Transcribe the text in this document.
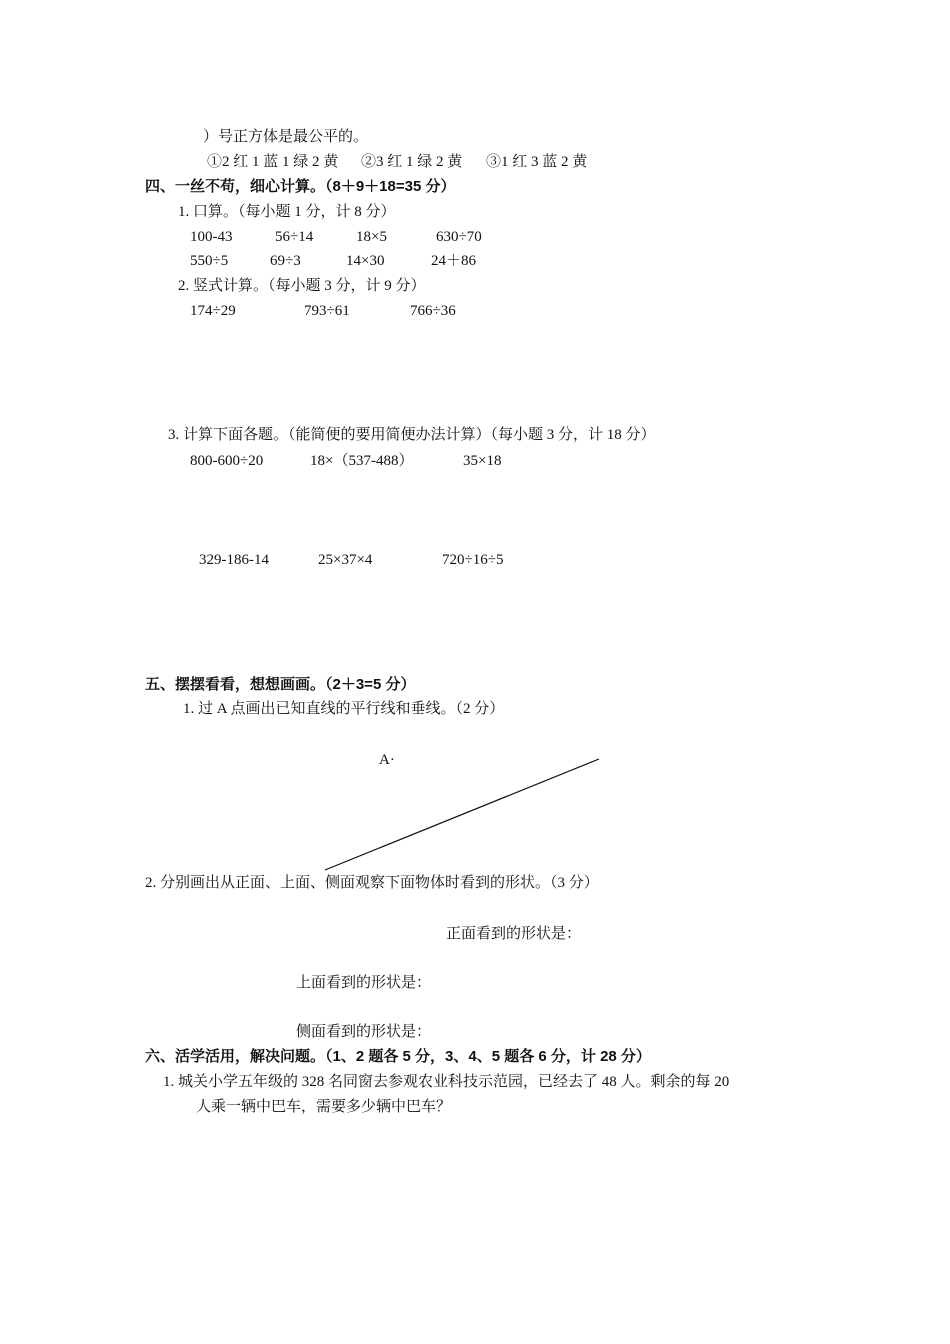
）号正方体是最公平的。
①2 红 1 蓝 1 绿 2 黄 ②3 红 1 绿 2 黄 ③1 红 3 蓝 2 黄
四、一丝不苟，细心计算。（8＋9＋18=35 分）
1. 口算。（每小题 1 分，计 8 分）
100-43	56÷14	18×5	630÷70
550÷5	69÷3	14×30	24＋86
2. 竖式计算。（每小题 3 分，计 9 分）
174÷29	793÷61	766÷36
3. 计算下面各题。（能简便的要用简便办法计算）（每小题 3 分，计 18 分）
800-600÷20	18×（537-488）	35×18
329-186-14	25×37×4	720÷16÷5
五、摆摆看看，想想画画。（2＋3=5 分）
1. 过 A 点画出已知直线的平行线和垂线。（2 分）
A·
2. 分别画出从正面、上面、侧面观察下面物体时看到的形状。（3 分）
正面看到的形状是：
上面看到的形状是：
侧面看到的形状是：
六、活学活用，解决问题。（1、2 题各 5 分，3、4、5 题各 6 分，计 28 分）
1. 城关小学五年级的 328 名同窗去参观农业科技示范园，已经去了 48 人。剩余的每 20
人乘一辆中巴车，需要多少辆中巴车？
